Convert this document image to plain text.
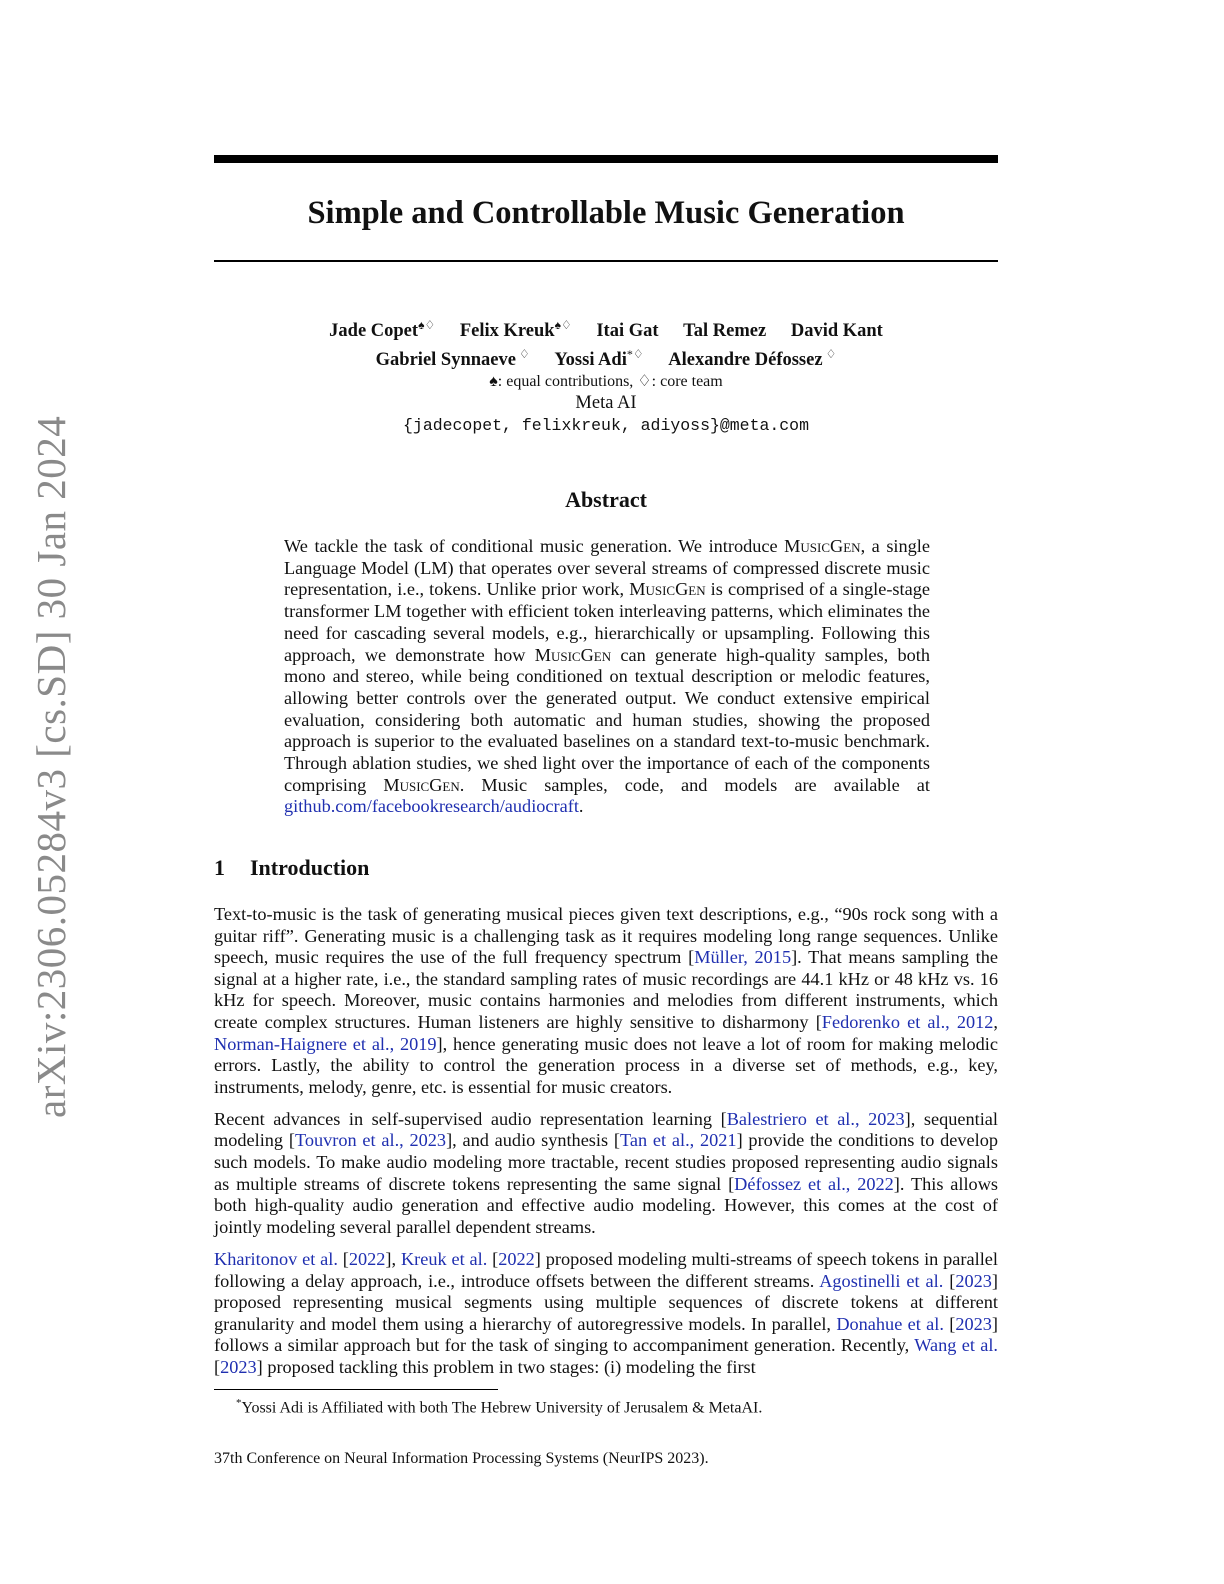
arXiv:2306.05284v3 [cs.SD] 30 Jan 2024
Simple and Controllable Music Generation
Jade Copet♠♢ Felix Kreuk♠♢ Itai Gat Tal Remez David Kant
Gabriel Synnaeve ♢ Yossi Adi*♢ Alexandre Défossez ♢
♠: equal contributions, ♢: core team
Meta AI
{jadecopet, felixkreuk, adiyoss}@meta.com
Abstract
We tackle the task of conditional music generation. We introduce MusicGen, a single Language Model (LM) that operates over several streams of compressed discrete music representation, i.e., tokens. Unlike prior work, MusicGen is comprised of a single-stage transformer LM together with efficient token interleaving patterns, which eliminates the need for cascading several models, e.g., hierarchically or upsampling. Following this approach, we demonstrate how MusicGen can generate high-quality samples, both mono and stereo, while being conditioned on textual description or melodic features, allowing better controls over the generated output. We conduct extensive empirical evaluation, considering both automatic and human studies, showing the proposed approach is superior to the evaluated baselines on a standard text-to-music benchmark. Through ablation studies, we shed light over the importance of each of the components comprising MusicGen. Music samples, code, and models are available at github.com/facebookresearch/audiocraft.
1 Introduction

Text-to-music is the task of generating musical pieces given text descriptions, e.g., “90s rock song with a guitar riff”. Generating music is a challenging task as it requires modeling long range sequences. Unlike speech, music requires the use of the full frequency spectrum [Müller, 2015]. That means sampling the signal at a higher rate, i.e., the standard sampling rates of music recordings are 44.1 kHz or 48 kHz vs. 16 kHz for speech. Moreover, music contains harmonies and melodies from different instruments, which create complex structures. Human listeners are highly sensitive to disharmony [Fedorenko et al., 2012, Norman-Haignere et al., 2019], hence generating music does not leave a lot of room for making melodic errors. Lastly, the ability to control the generation process in a diverse set of methods, e.g., key, instruments, melody, genre, etc. is essential for music creators.

Recent advances in self-supervised audio representation learning [Balestriero et al., 2023], sequential modeling [Touvron et al., 2023], and audio synthesis [Tan et al., 2021] provide the conditions to develop such models. To make audio modeling more tractable, recent studies proposed representing audio signals as multiple streams of discrete tokens representing the same signal [Défossez et al., 2022]. This allows both high-quality audio generation and effective audio modeling. However, this comes at the cost of jointly modeling several parallel dependent streams.

Kharitonov et al. [2022], Kreuk et al. [2022] proposed modeling multi-streams of speech tokens in parallel following a delay approach, i.e., introduce offsets between the different streams. Agostinelli et al. [2023] proposed representing musical segments using multiple sequences of discrete tokens at different granularity and model them using a hierarchy of autoregressive models. In parallel, Donahue et al. [2023] follows a similar approach but for the task of singing to accompaniment generation. Recently, Wang et al. [2023] proposed tackling this problem in two stages: (i) modeling the first

*Yossi Adi is Affiliated with both The Hebrew University of Jerusalem & MetaAI.
37th Conference on Neural Information Processing Systems (NeurIPS 2023).
